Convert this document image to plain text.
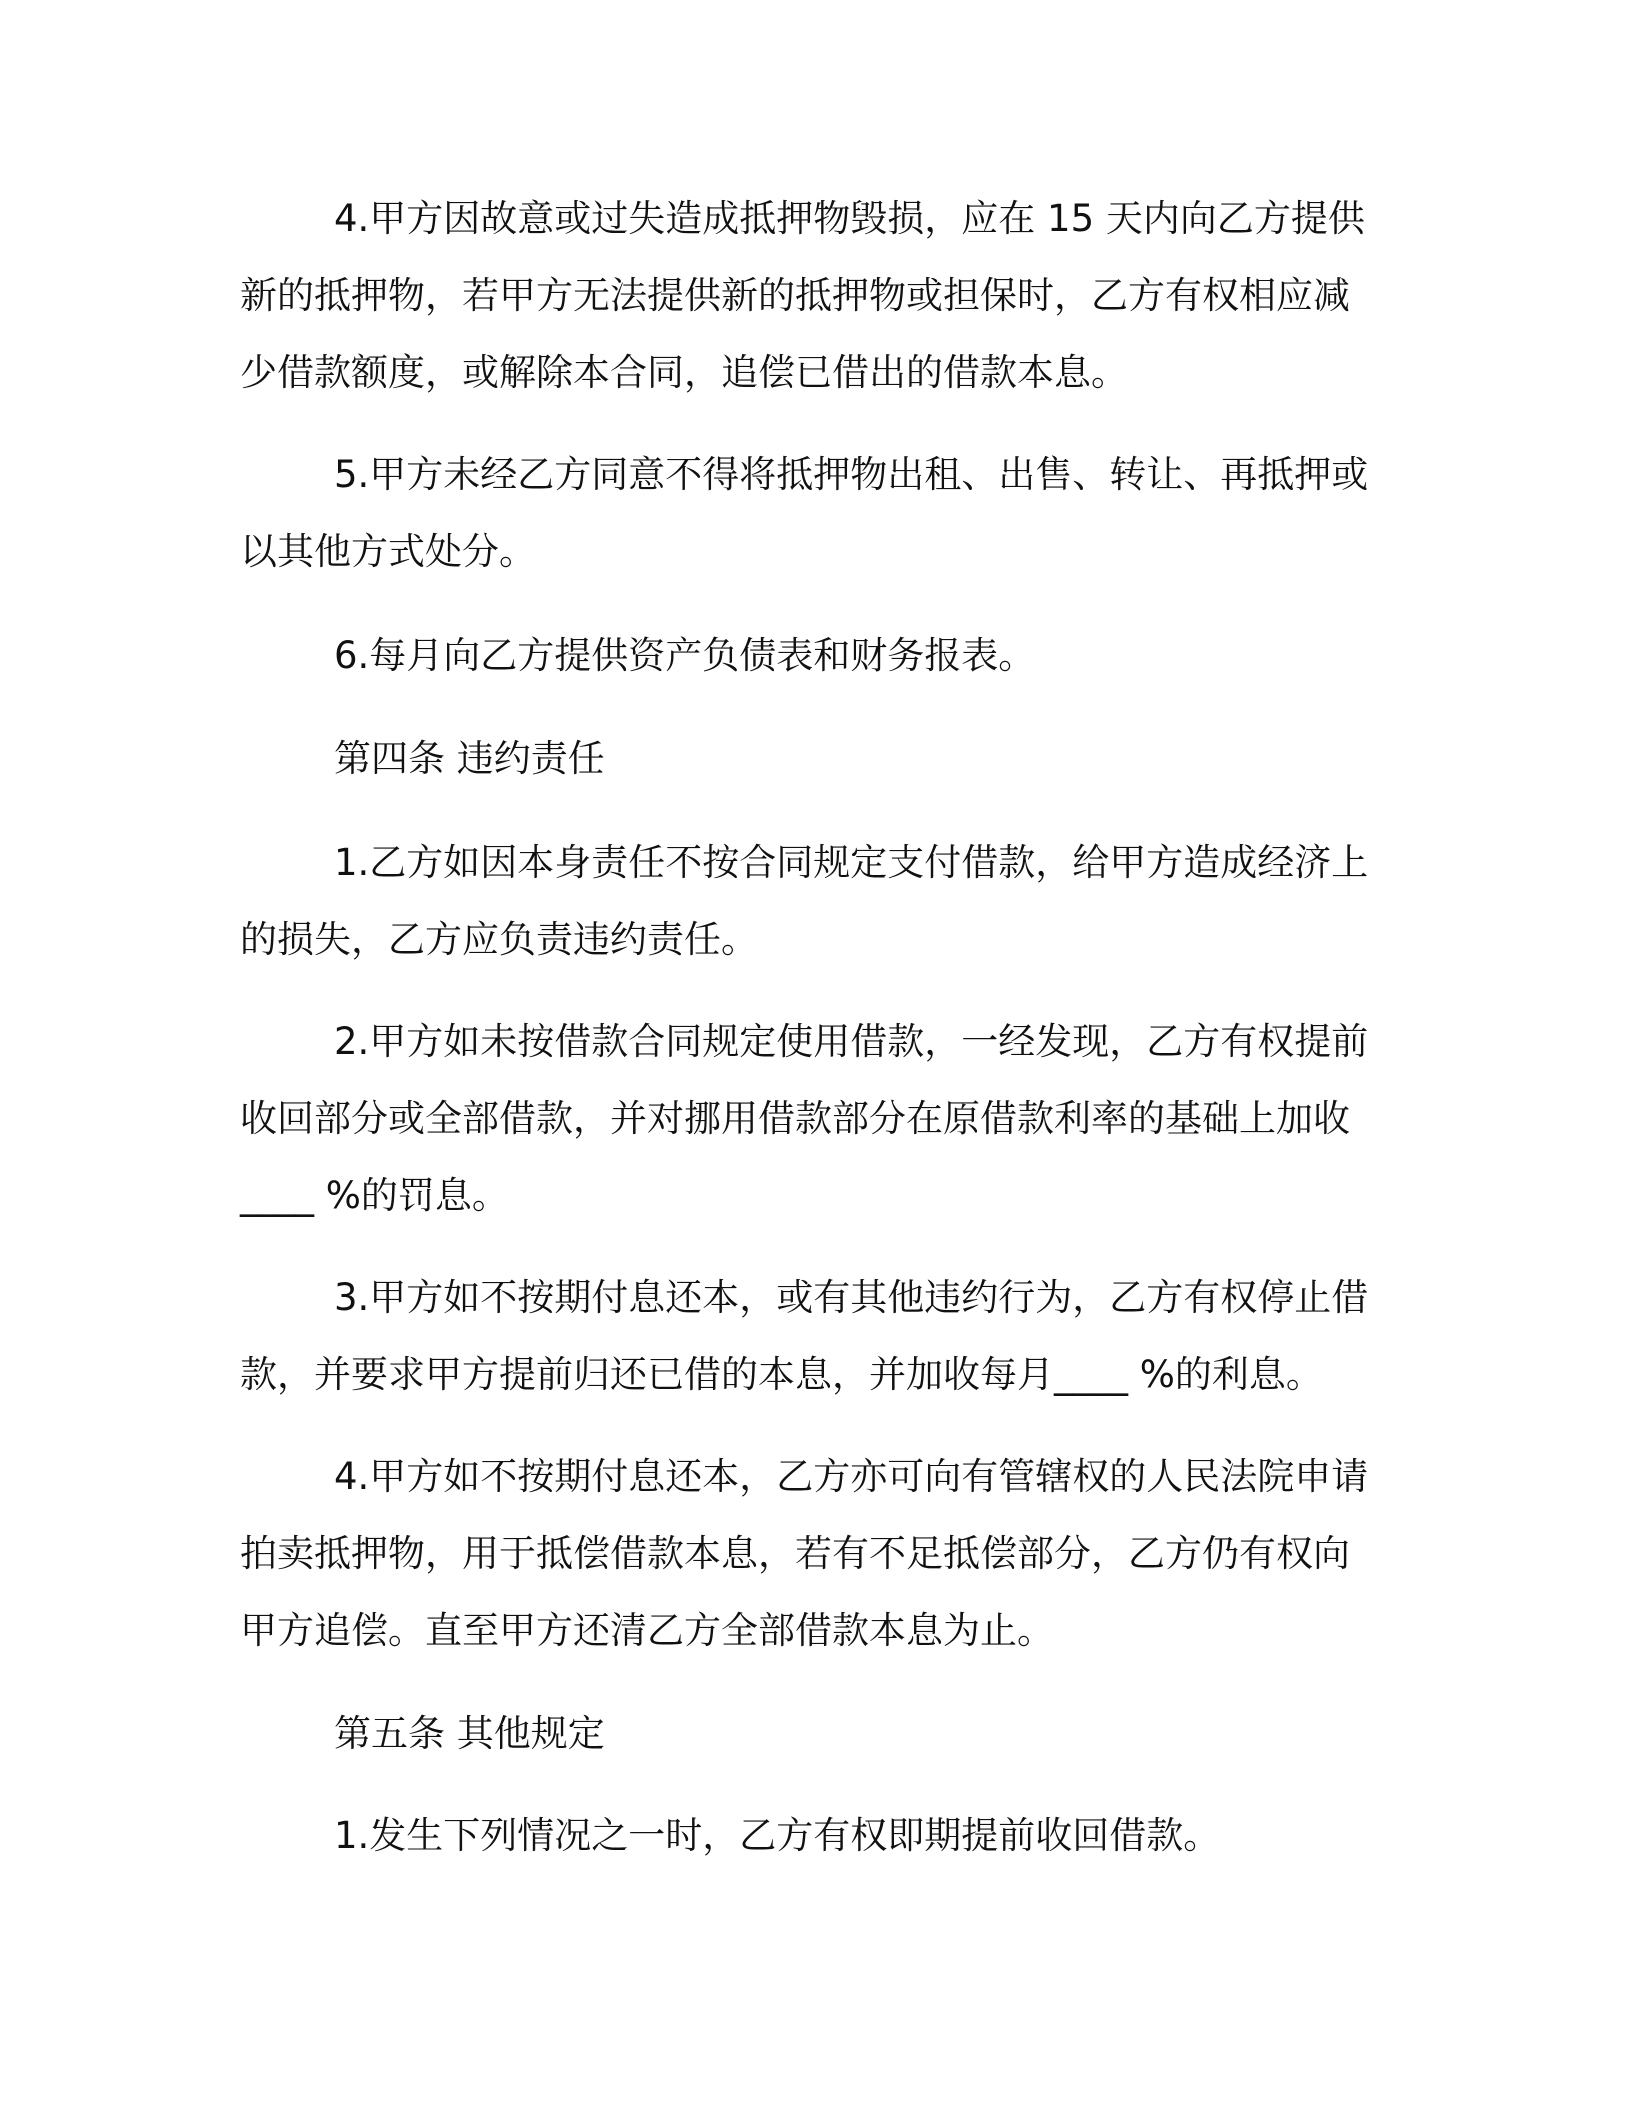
4.甲方因故意或过失造成抵押物毁损，应在 15 天内向乙方提供
新的抵押物，若甲方无法提供新的抵押物或担保时，乙方有权相应减
少借款额度，或解除本合同，追偿已借出的借款本息。
5.甲方未经乙方同意不得将抵押物出租、出售、转让、再抵押或
以其他方式处分。
6.每月向乙方提供资产负债表和财务报表。
第四条 违约责任
1.乙方如因本身责任不按合同规定支付借款，给甲方造成经济上
的损失，乙方应负责违约责任。
2.甲方如未按借款合同规定使用借款，一经发现，乙方有权提前
收回部分或全部借款，并对挪用借款部分在原借款利率的基础上加收
____ %的罚息。
3.甲方如不按期付息还本，或有其他违约行为，乙方有权停止借
款，并要求甲方提前归还已借的本息，并加收每月____ %的利息。
4.甲方如不按期付息还本，乙方亦可向有管辖权的人民法院申请
拍卖抵押物，用于抵偿借款本息，若有不足抵偿部分，乙方仍有权向
甲方追偿。直至甲方还清乙方全部借款本息为止。
第五条 其他规定
1.发生下列情况之一时，乙方有权即期提前收回借款。
